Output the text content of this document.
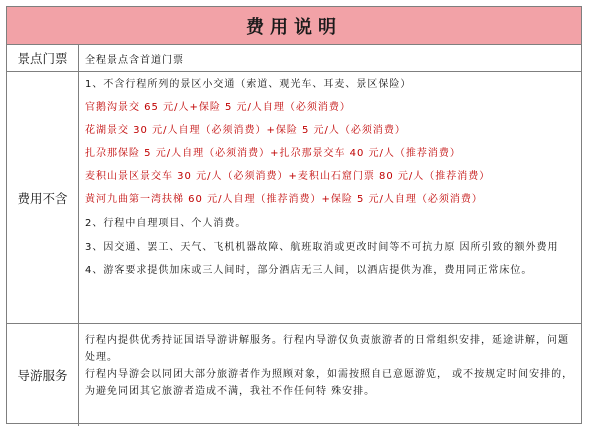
费用说明
景点门票	全程景点含首道门票
费用不含
1、不含行程所列的景区小交通（索道、观光车、耳麦、景区保险）
官鹅沟景交 65 元/人+保险 5 元/人自理（必须消费）
花湖景交 30 元/人自理（必须消费）+保险 5 元/人（必须消费）
扎尕那保险 5 元/人自理（必须消费）+扎尕那景交车 40 元/人（推荐消费）
麦积山景区景交车 30 元/人（必须消费）+麦积山石窟门票 80 元/人（推荐消费）
黄河九曲第一湾扶梯 60 元/人自理（推荐消费）+保险 5 元/人自理（必须消费）
2、行程中自理项目、个人消费。
3、因交通、罢工、天气、飞机机器故障、航班取消或更改时间等不可抗力原 因所引致的额外费用
4、游客要求提供加床或三人间时，部分酒店无三人间，以酒店提供为准，费用同正常床位。
导游服务
行程内提供优秀持证国语导游讲解服务。行程内导游仅负责旅游者的日常组织安排，延途讲解，问题处理。
行程内导游会以同团大部分旅游者作为照顾对象，如需按照自已意愿游览， 或不按规定时间安排的，为避免同团其它旅游者造成不满，我社不作任何特 殊安排。
